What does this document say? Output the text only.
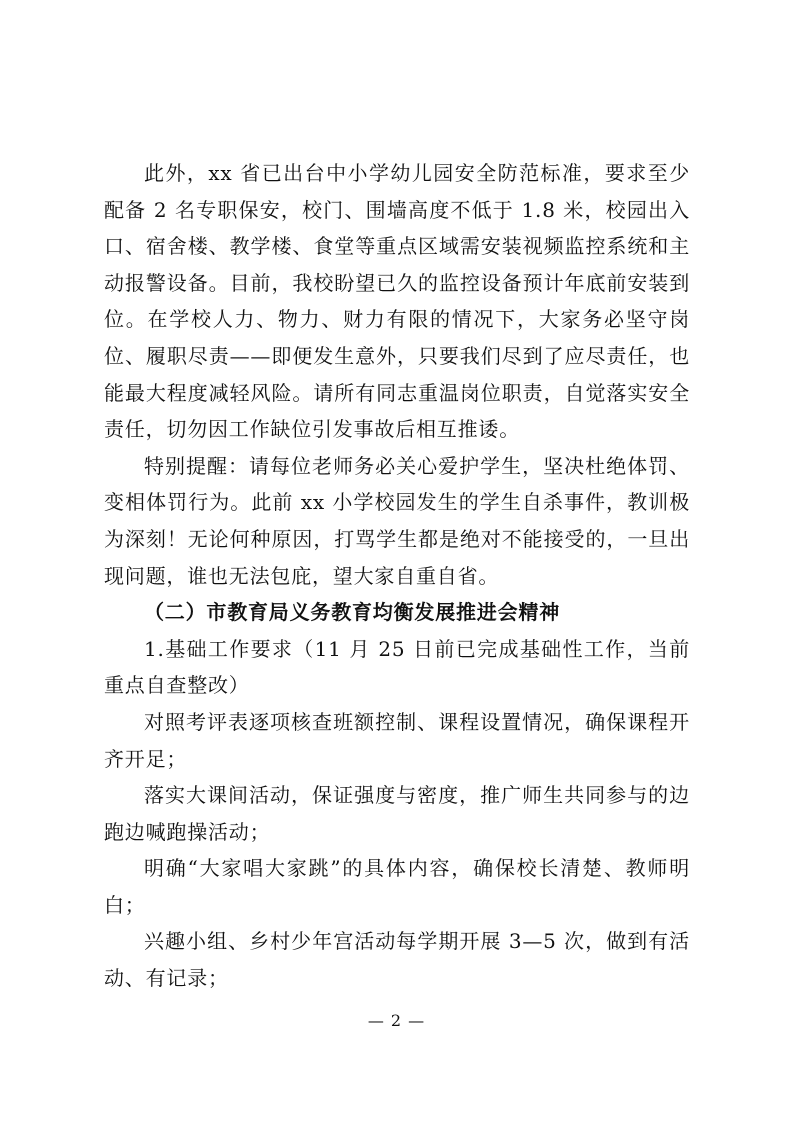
此外，xx 省已出台中小学幼儿园安全防范标准，要求至少配备 2 名专职保安，校门、围墙高度不低于 1.8 米，校园出入口、宿舍楼、教学楼、食堂等重点区域需安装视频监控系统和主动报警设备。目前，我校盼望已久的监控设备预计年底前安装到位。在学校人力、物力、财力有限的情况下，大家务必坚守岗位、履职尽责——即便发生意外，只要我们尽到了应尽责任，也能最大程度减轻风险。请所有同志重温岗位职责，自觉落实安全责任，切勿因工作缺位引发事故后相互推诿。

特别提醒：请每位老师务必关心爱护学生，坚决杜绝体罚、变相体罚行为。此前 xx 小学校园发生的学生自杀事件，教训极为深刻！无论何种原因，打骂学生都是绝对不能接受的，一旦出现问题，谁也无法包庇，望大家自重自省。

（二）市教育局义务教育均衡发展推进会精神

1.基础工作要求（11 月 25 日前已完成基础性工作，当前重点自查整改）

对照考评表逐项核查班额控制、课程设置情况，确保课程开齐开足；

落实大课间活动，保证强度与密度，推广师生共同参与的边跑边喊跑操活动；

明确“大家唱大家跳”的具体内容，确保校长清楚、教师明白；

兴趣小组、乡村少年宫活动每学期开展 3—5 次，做到有活动、有记录；

— 2 —
